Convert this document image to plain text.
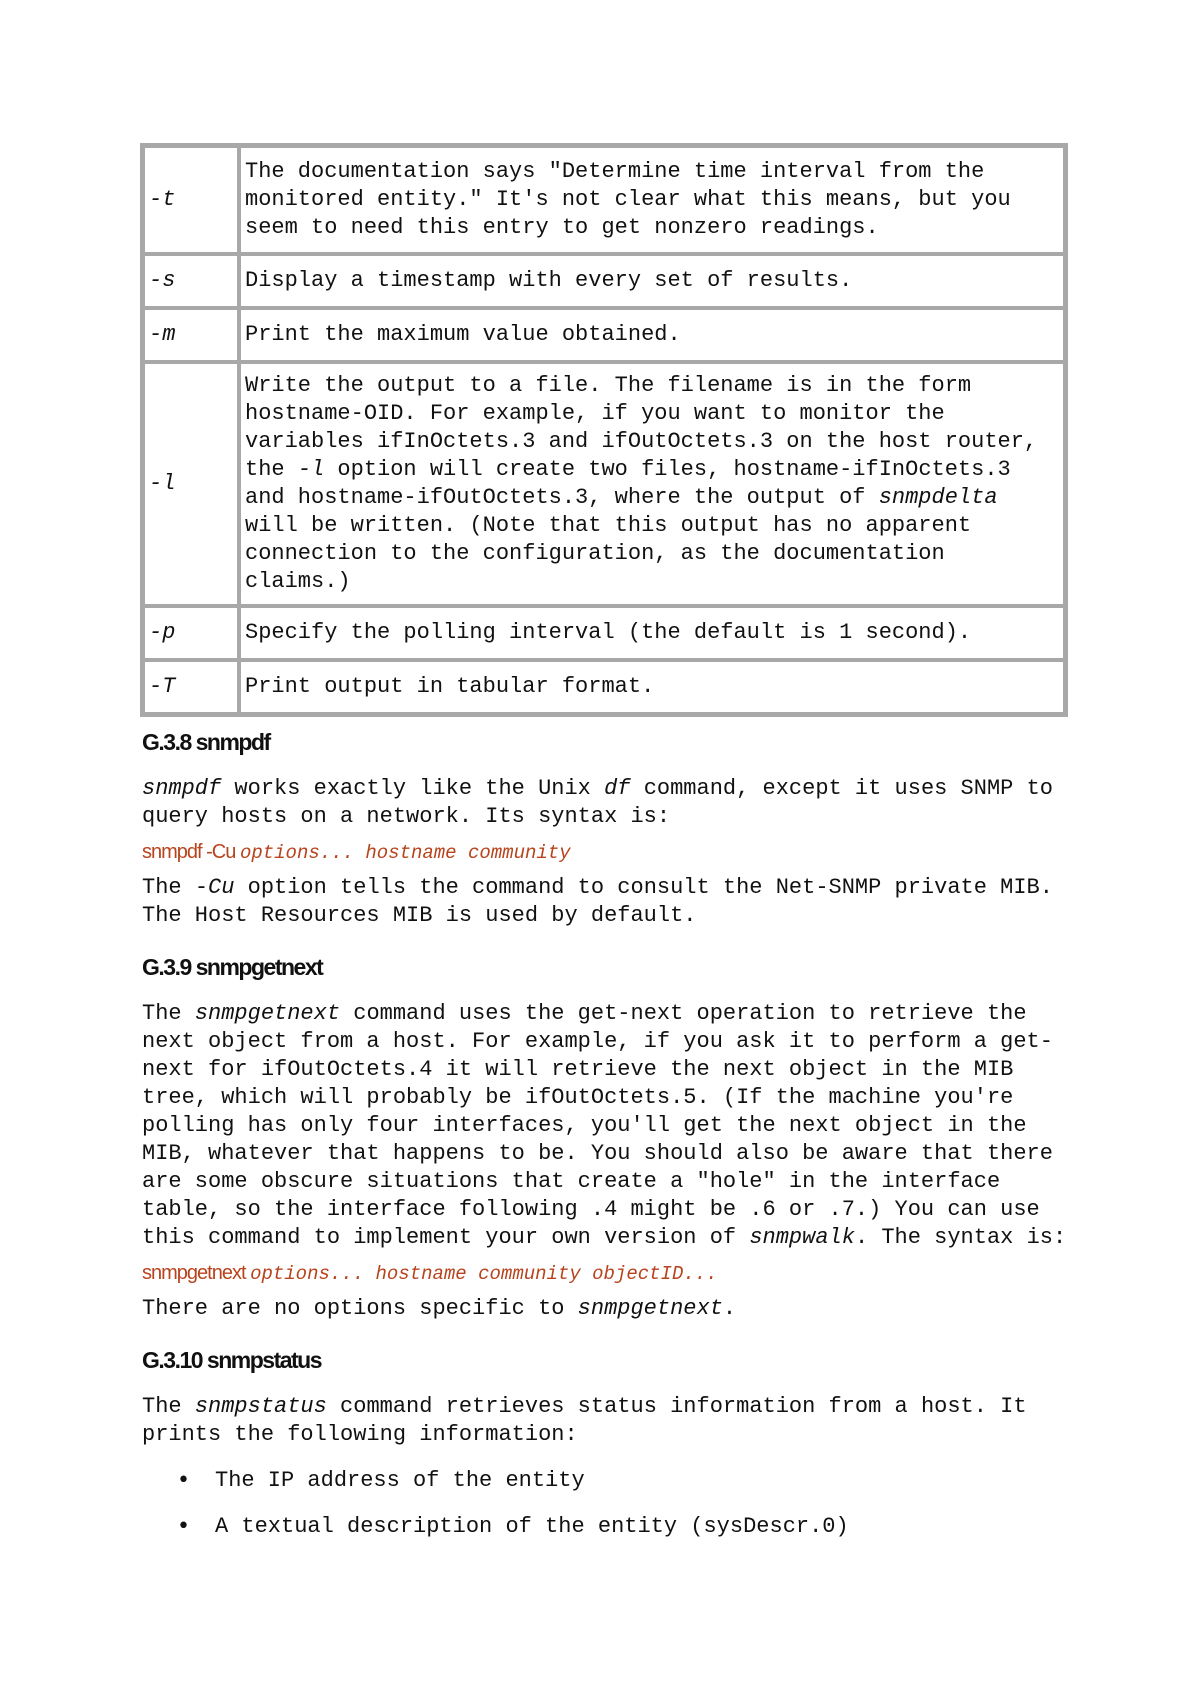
-t	The documentation says "Determine time interval from the monitored entity." It's not clear what this means, but you seem to need this entry to get nonzero readings.
-s	Display a timestamp with every set of results.
-m	Print the maximum value obtained.
-l	Write the output to a file. The filename is in the form hostname-OID. For example, if you want to monitor the variables ifInOctets.3 and ifOutOctets.3 on the host router, the -l option will create two files, hostname-ifInOctets.3 and hostname-ifOutOctets.3, where the output of snmpdelta will be written. (Note that this output has no apparent connection to the configuration, as the documentation claims.)
-p	Specify the polling interval (the default is 1 second).
-T	Print output in tabular format.
G.3.8 snmpdf

snmpdf works exactly like the Unix df command, except it uses SNMP to query hosts on a network. Its syntax is:

snmpdf -Cu options... hostname community

The -Cu option tells the command to consult the Net-SNMP private MIB. The Host Resources MIB is used by default.

G.3.9 snmpgetnext

The snmpgetnext command uses the get-next operation to retrieve the next object from a host. For example, if you ask it to perform a get-next for ifOutOctets.4 it will retrieve the next object in the MIB tree, which will probably be ifOutOctets.5. (If the machine you're polling has only four interfaces, you'll get the next object in the MIB, whatever that happens to be. You should also be aware that there are some obscure situations that create a "hole" in the interface table, so the interface following .4 might be .6 or .7.) You can use this command to implement your own version of snmpwalk. The syntax is:

snmpgetnext options... hostname community objectID...

There are no options specific to snmpgetnext.

G.3.10 snmpstatus

The snmpstatus command retrieves status information from a host. It prints the following information:

• The IP address of the entity
• A textual description of the entity (sysDescr.0)
